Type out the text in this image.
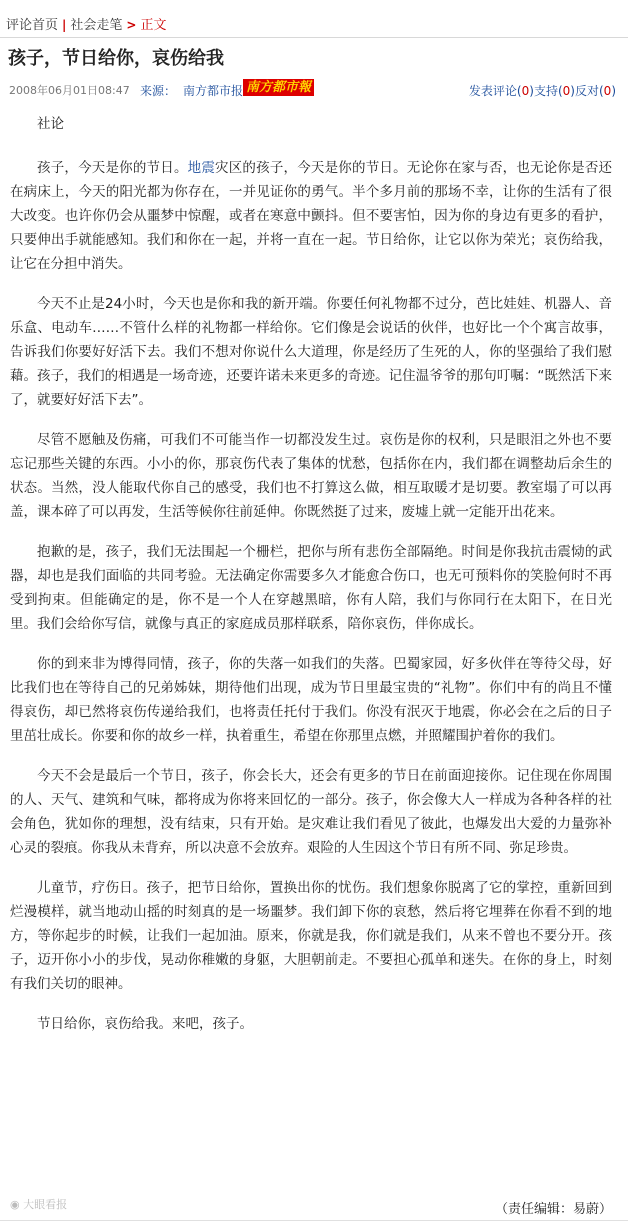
评论首页 | 社会走笔 > 正文
孩子，节日给你，哀伤给我
2008年06月01日08:47 来源： 南方都市报 南方都市報	发表评论(0)支持(0)反对(0)

社论

孩子，今天是你的节日。地震灾区的孩子，今天是你的节日。无论你在家与否，也无论你是否还在病床上，今天的阳光都为你存在，一并见证你的勇气。半个多月前的那场不幸，让你的生活有了很大改变。也许你仍会从噩梦中惊醒，或者在寒意中颤抖。但不要害怕，因为你的身边有更多的看护，只要伸出手就能感知。我们和你在一起，并将一直在一起。节日给你，让它以你为荣光；哀伤给我，让它在分担中消失。

今天不止是24小时，今天也是你和我的新开端。你要任何礼物都不过分，芭比娃娃、机器人、音乐盒、电动车……不管什么样的礼物都一样给你。它们像是会说话的伙伴，也好比一个个寓言故事，告诉我们你要好好活下去。我们不想对你说什么大道理，你是经历了生死的人，你的坚强给了我们慰藉。孩子，我们的相遇是一场奇迹，还要许诺未来更多的奇迹。记住温爷爷的那句叮嘱：“既然活下来了，就要好好活下去”。

尽管不愿触及伤痛，可我们不可能当作一切都没发生过。哀伤是你的权利，只是眼泪之外也不要忘记那些关键的东西。小小的你，那哀伤代表了集体的忧愁，包括你在内，我们都在调整劫后余生的状态。当然，没人能取代你自己的感受，我们也不打算这么做，相互取暖才是切要。教室塌了可以再盖，课本碎了可以再发，生活等候你往前延伸。你既然挺了过来，废墟上就一定能开出花来。

抱歉的是，孩子，我们无法围起一个栅栏，把你与所有悲伤全部隔绝。时间是你我抗击震恸的武器，却也是我们面临的共同考验。无法确定你需要多久才能愈合伤口，也无可预料你的笑脸何时不再受到拘束。但能确定的是，你不是一个人在穿越黑暗，你有人陪，我们与你同行在太阳下，在日光里。我们会给你写信，就像与真正的家庭成员那样联系，陪你哀伤，伴你成长。

你的到来非为博得同情，孩子，你的失落一如我们的失落。巴蜀家园，好多伙伴在等待父母，好比我们也在等待自己的兄弟姊妹，期待他们出现，成为节日里最宝贵的“礼物”。你们中有的尚且不懂得哀伤，却已然将哀伤传递给我们，也将责任托付于我们。你没有泯灭于地震，你必会在之后的日子里茁壮成长。你要和你的故乡一样，执着重生，希望在你那里点燃，并照耀围护着你的我们。

今天不会是最后一个节日，孩子，你会长大，还会有更多的节日在前面迎接你。记住现在你周围的人、天气、建筑和气味，都将成为你将来回忆的一部分。孩子，你会像大人一样成为各种各样的社会角色，犹如你的理想，没有结束，只有开始。是灾难让我们看见了彼此，也爆发出大爱的力量弥补心灵的裂痕。你我从未背弃，所以决意不会放弃。艰险的人生因这个节日有所不同、弥足珍贵。

儿童节，疗伤日。孩子，把节日给你，置换出你的忧伤。我们想象你脱离了它的掌控，重新回到烂漫模样，就当地动山摇的时刻真的是一场噩梦。我们卸下你的哀愁，然后将它埋葬在你看不到的地方，等你起步的时候，让我们一起加油。原来，你就是我，你们就是我们，从来不曾也不要分开。孩子，迈开你小小的步伐，晃动你稚嫩的身躯，大胆朝前走。不要担心孤单和迷失。在你的身上，时刻有我们关切的眼神。

节日给你，哀伤给我。来吧，孩子。

◉ 大眼看报	（责任编辑：易蔚）
